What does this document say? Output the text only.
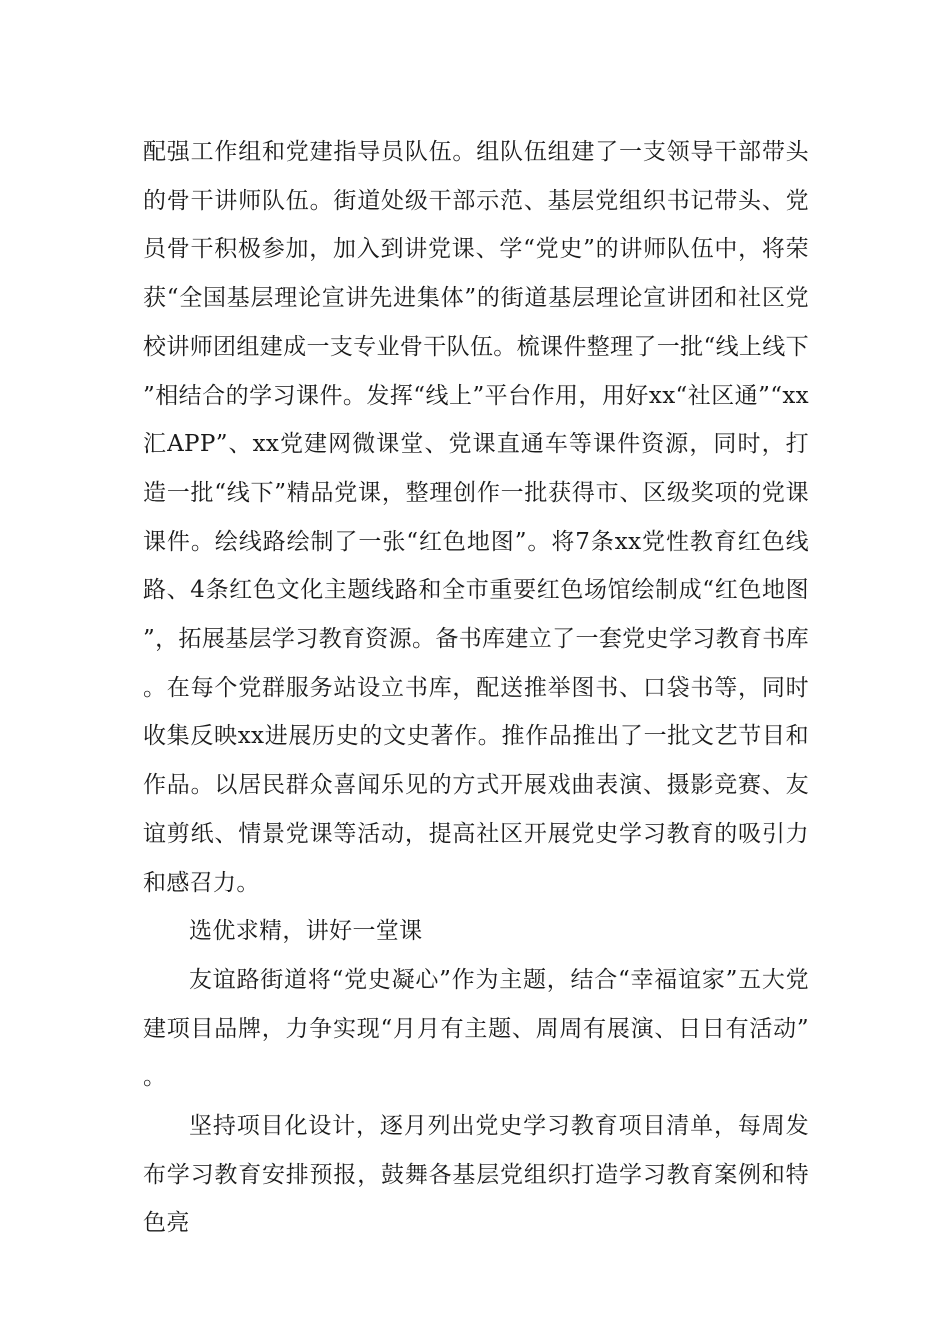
配强工作组和党建指导员队伍。组队伍组建了一支领导干部带头的骨干讲师队伍。街道处级干部示范、基层党组织书记带头、党员骨干积极参加，加入到讲党课、学“党史”的讲师队伍中，将荣获“全国基层理论宣讲先进集体”的街道基层理论宣讲团和社区党校讲师团组建成一支专业骨干队伍。梳课件整理了一批“线上线下”相结合的学习课件。发挥“线上”平台作用，用好xx“社区通”“xx汇APP”、xx党建网微课堂、党课直通车等课件资源，同时，打造一批“线下”精品党课，整理创作一批获得市、区级奖项的党课课件。绘线路绘制了一张“红色地图”。将7条xx党性教育红色线路、4条红色文化主题线路和全市重要红色场馆绘制成“红色地图”，拓展基层学习教育资源。备书库建立了一套党史学习教育书库。在每个党群服务站设立书库，配送推举图书、口袋书等，同时收集反映xx进展历史的文史著作。推作品推出了一批文艺节目和作品。以居民群众喜闻乐见的方式开展戏曲表演、摄影竞赛、友谊剪纸、情景党课等活动，提高社区开展党史学习教育的吸引力和感召力。

选优求精，讲好一堂课

友谊路街道将“党史凝心”作为主题，结合“幸福谊家”五大党建项目品牌，力争实现“月月有主题、周周有展演、日日有活动”。

坚持项目化设计，逐月列出党史学习教育项目清单，每周发布学习教育安排预报，鼓舞各基层党组织打造学习教育案例和特色亮
